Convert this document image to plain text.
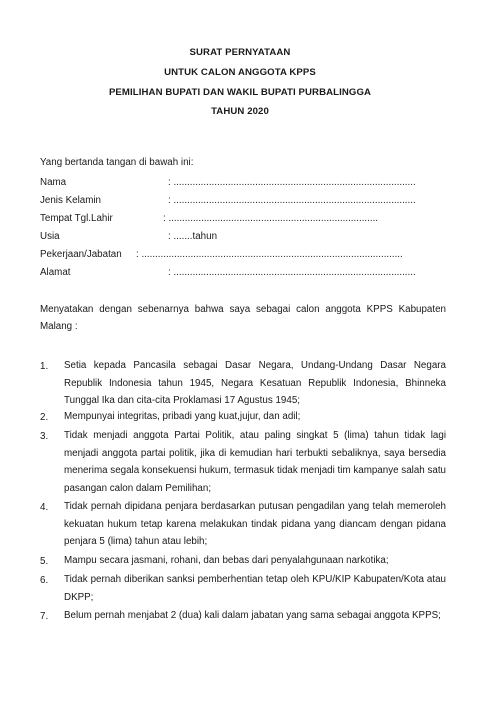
SURAT PERNYATAAN
UNTUK CALON ANGGOTA KPPS
PEMILIHAN BUPATI DAN WAKIL BUPATI PURBALINGGA
TAHUN 2020
Yang bertanda tangan di bawah ini:
Nama	: .........................................................................................
Jenis Kelamin	: .........................................................................................
Tempat Tgl.Lahir	: .............................................................................
Usia	: .......tahun
Pekerjaan/Jabatan : ................................................................................................
Alamat	: .........................................................................................
Menyatakan dengan sebenarnya bahwa saya sebagai calon anggota KPPS Kabupaten Malang :
1. Setia kepada Pancasila sebagai Dasar Negara, Undang-Undang Dasar Negara Republik Indonesia tahun 1945, Negara Kesatuan Republik Indonesia, Bhinneka Tunggal Ika dan cita-cita Proklamasi 17 Agustus 1945;
2. Mempunyai integritas, pribadi yang kuat,jujur, dan adil;
3. Tidak menjadi anggota Partai Politik, atau paling singkat 5 (lima) tahun tidak lagi menjadi anggota partai politik, jika di kemudian hari terbukti sebaliknya, saya bersedia menerima segala konsekuensi hukum, termasuk tidak menjadi tim kampanye salah satu pasangan calon dalam Pemilihan;
4. Tidak pernah dipidana penjara berdasarkan putusan pengadilan yang telah memeroleh kekuatan hukum tetap karena melakukan tindak pidana yang diancam dengan pidana penjara 5 (lima) tahun atau lebih;
5. Mampu secara jasmani, rohani, dan bebas dari penyalahgunaan narkotika;
6. Tidak pernah diberikan sanksi pemberhentian tetap oleh KPU/KIP Kabupaten/Kota atau DKPP;
7. Belum pernah menjabat 2 (dua) kali dalam jabatan yang sama sebagai anggota KPPS;
